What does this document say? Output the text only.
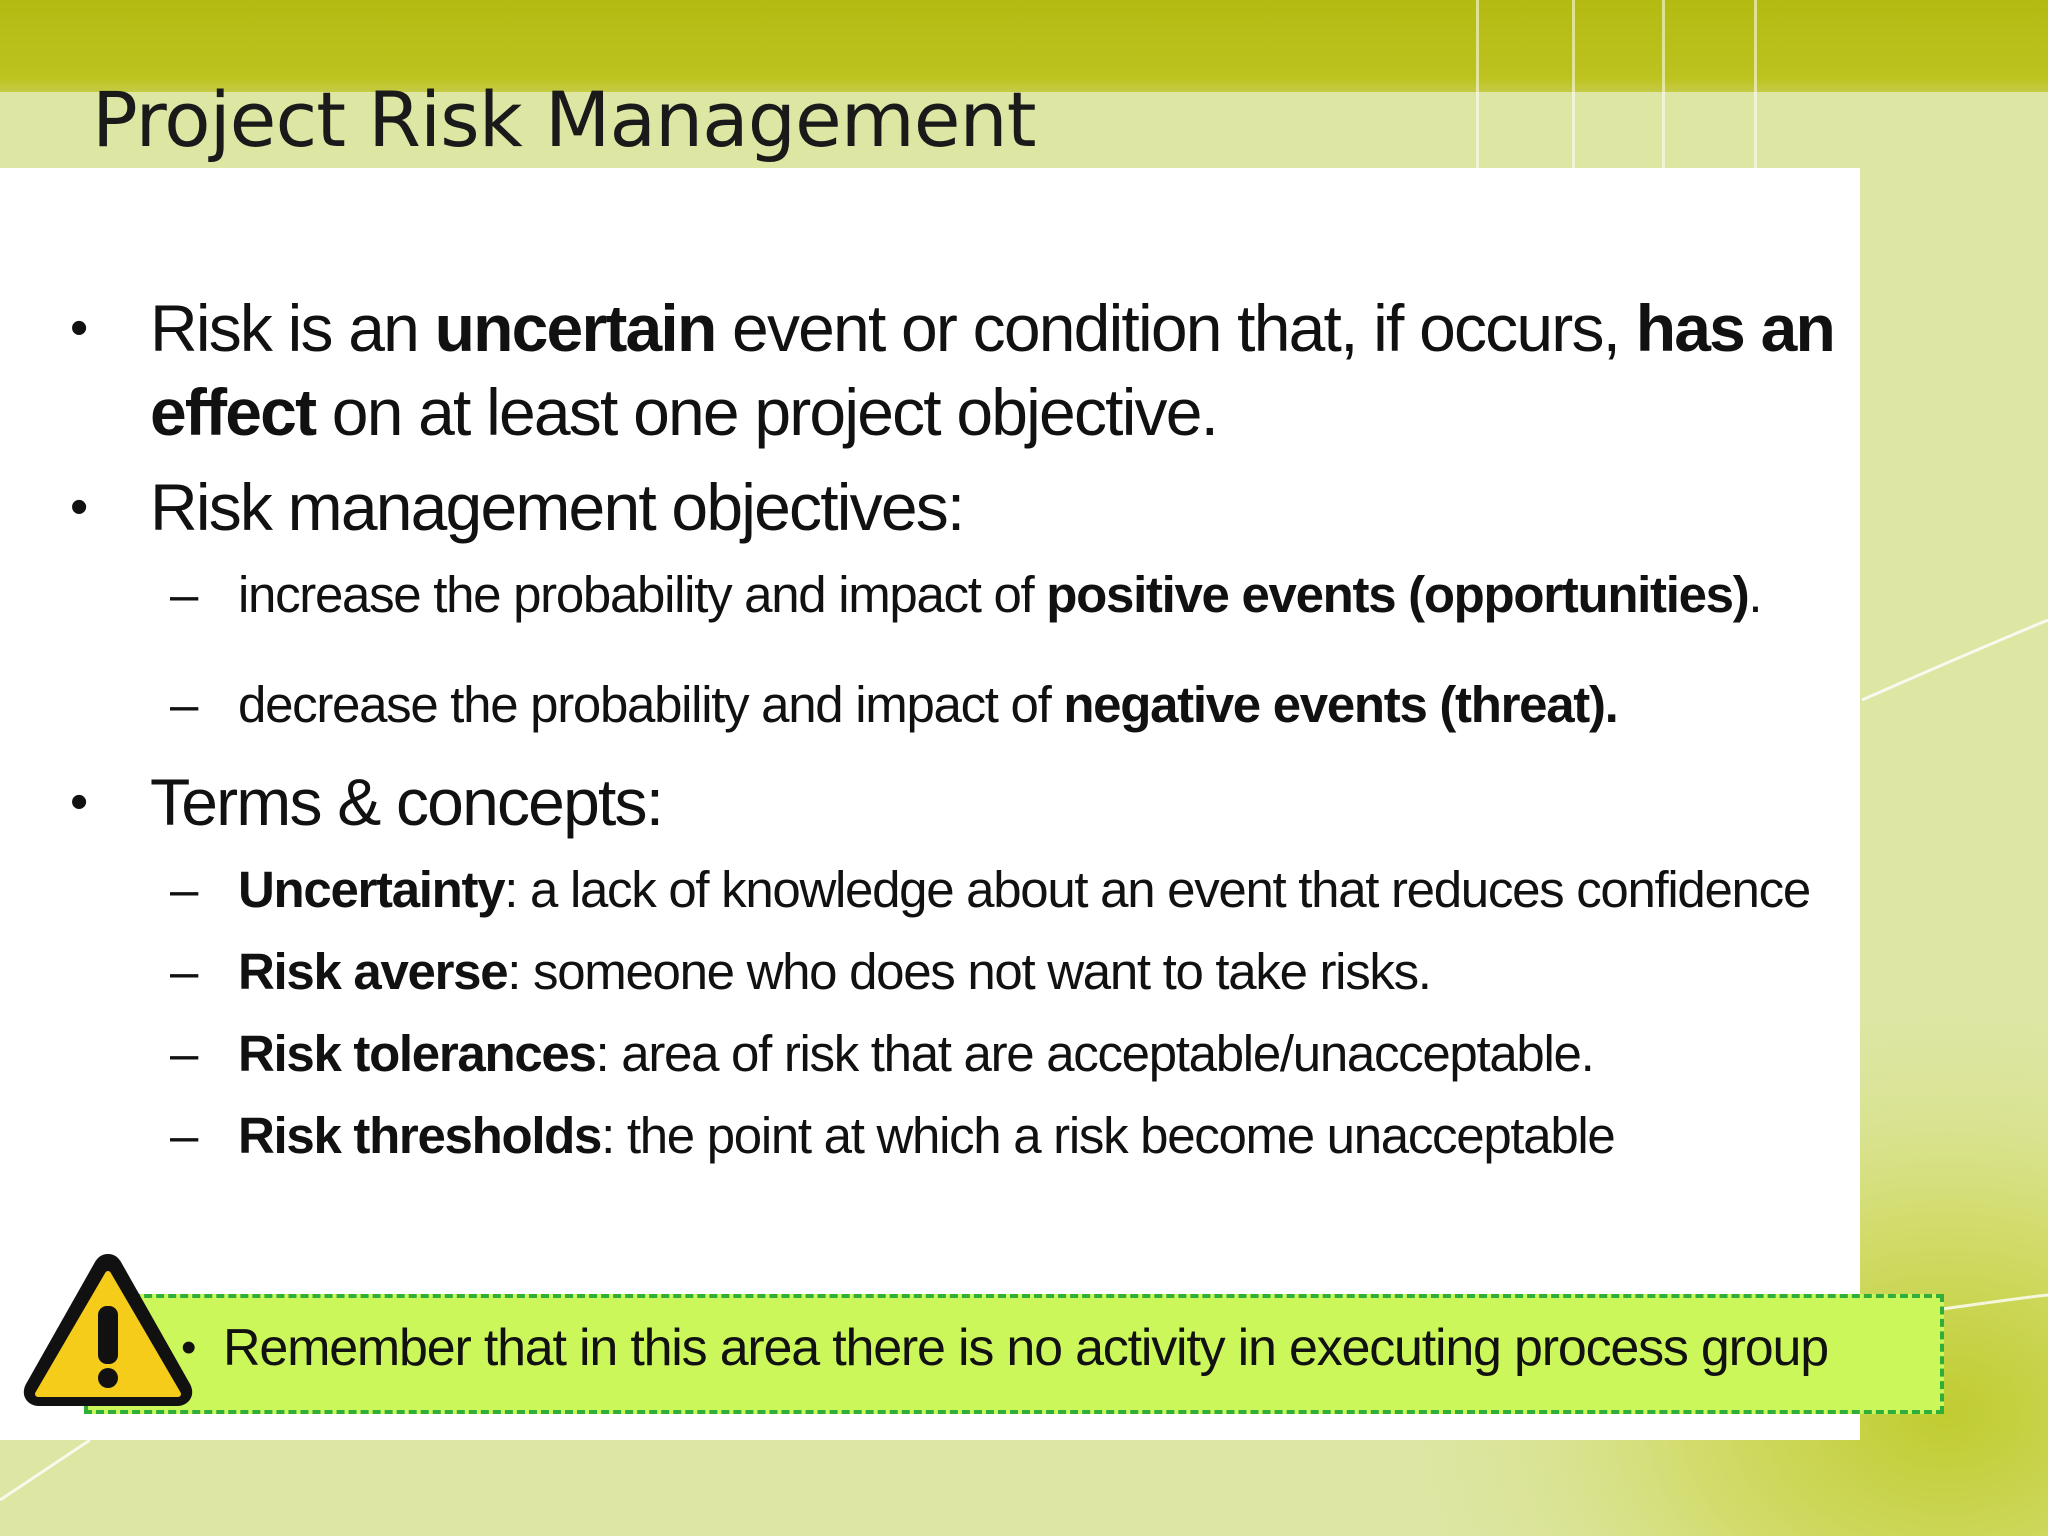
Project Risk Management
• Risk is an uncertain event or condition that, if occurs, has an effect on at least one project objective.
• Risk management objectives:
– increase the probability and impact of positive events (opportunities).
– decrease the probability and impact of negative events (threat).
• Terms & concepts:
– Uncertainty: a lack of knowledge about an event that reduces confidence
– Risk averse: someone who does not want to take risks.
– Risk tolerances: area of risk that are acceptable/unacceptable.
– Risk thresholds: the point at which a risk become unacceptable
• Remember that in this area there is no activity in executing process group
